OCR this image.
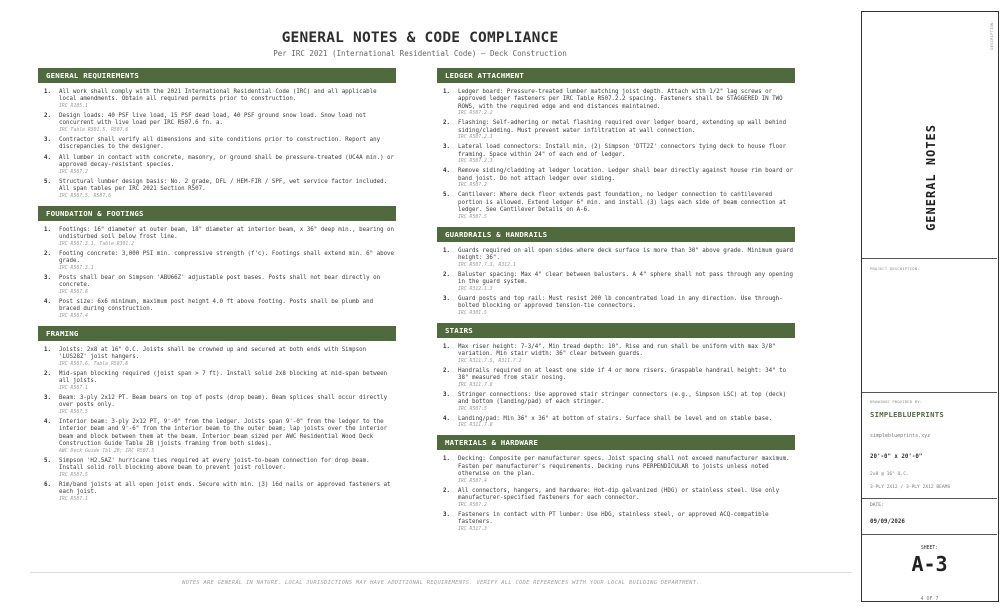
GENERAL NOTES & CODE COMPLIANCE
Per IRC 2021 (International Residential Code) — Deck Construction
GENERAL REQUIREMENTS
1. All work shall comply with the 2021 International Residential Code (IRC) and all applicable local amendments. Obtain all required permits prior to construction.
IRC R105.1
2. Design loads: 40 PSF live load, 15 PSF dead load, 40 PSF ground snow load. Snow load not concurrent with live load per IRC R507.6 fn. a.
IRC Table R301.5, R507.6
3. Contractor shall verify all dimensions and site conditions prior to construction. Report any discrepancies to the designer.
4. All lumber in contact with concrete, masonry, or ground shall be pressure-treated (UC4A min.) or approved decay-resistant species.
IRC R507.2
5. Structural lumber design basis: No. 2 grade, DFL / HEM-FIR / SPF, wet service factor included. All span tables per IRC 2021 Section R507.
IRC R507.5, R507.6
FOUNDATION & FOOTINGS
1. Footings: 16" diameter at outer beam, 18" diameter at interior beam, x 36" deep min., bearing on undisturbed soil below frost line.
IRC R507.3.1, Table R301.2
2. Footing concrete: 3,000 PSI min. compressive strength (f'c). Footings shall extend min. 6" above grade.
IRC R507.3.1
3. Posts shall bear on Simpson 'ABU66Z' adjustable post bases. Posts shall not bear directly on concrete.
IRC R507.8
4. Post size: 6x6 minimum, maximum post height 4.0 ft above footing. Posts shall be plumb and braced during construction.
IRC R507.4
FRAMING
1. Joists: 2x8 at 16" O.C. Joists shall be crowned up and secured at both ends with Simpson 'LUS28Z' joist hangers.
IRC R507.6, Table R507.6
2. Mid-span blocking required (joist span > 7 ft). Install solid 2x8 blocking at mid-span between all joists.
IRC R507.1
3. Beam: 3-ply 2x12 PT. Beam bears on top of posts (drop beam). Beam splices shall occur directly over posts only.
IRC R507.5
4. Interior beam: 3-ply 2x12 PT, 9'-0" from the ledger. Joists span 9'-0" from the ledger to the interior beam and 9'-6" from the interior beam to the outer beam; lap joists over the interior beam and block between them at the beam. Interior beam sized per AWC Residential Wood Deck Construction Guide Table 2B (joists framing from both sides).
AWC Deck Guide Tbl 2B; IRC R507.5
5. Simpson 'H2.5AZ' hurricane ties required at every joist-to-beam connection for drop beam. Install solid roll blocking above beam to prevent joist rollover.
IRC R507.5
6. Rim/band joists at all open joist ends. Secure with min. (3) 16d nails or approved fasteners at each joist.
IRC R507.1
LEDGER ATTACHMENT
1. Ledger board: Pressure-treated lumber matching joist depth. Attach with 1/2" lag screws or approved ledger fasteners per IRC Table R507.2.2 spacing. Fasteners shall be STAGGERED IN TWO ROWS, with the required edge and end distances maintained.
IRC R507.2.2
2. Flashing: Self-adhering or metal flashing required over ledger board, extending up wall behind siding/cladding. Must prevent water infiltration at wall connection.
IRC R507.2.1
3. Lateral load connectors: Install min. (2) Simpson 'DTT2Z' connectors tying deck to house floor framing. Space within 24" of each end of ledger.
IRC R507.2.3
4. Remove siding/cladding at ledger location. Ledger shall bear directly against house rim board or band joist. Do not attach ledger over siding.
IRC R507.2
5. Cantilever: Where deck floor extends past foundation, no ledger connection to cantilevered portion is allowed. Extend ledger 6" min. and install (3) lags each side of beam connection at ledger. See Cantilever Details on A-6.
IRC R507.5
GUARDRAILS & HANDRAILS
1. Guards required on all open sides where deck surface is more than 30" above grade. Minimum guard height: 36".
IRC R507.7.3, R312.1
2. Baluster spacing: Max 4" clear between balusters. A 4" sphere shall not pass through any opening in the guard system.
IRC R312.1.3
3. Guard posts and top rail: Must resist 200 lb concentrated load in any direction. Use through-bolted blocking or approved tension-tie connectors.
IRC R301.5
STAIRS
1. Max riser height: 7-3/4". Min tread depth: 10". Rise and run shall be uniform with max 3/8" variation. Min stair width: 36" clear between guards.
IRC R311.7.5, R311.7.2
2. Handrails required on at least one side if 4 or more risers. Graspable handrail height: 34" to 38" measured from stair nosing.
IRC R311.7.8
3. Stringer connections: Use approved stair stringer connectors (e.g., Simpson LSC) at top (deck) and bottom (landing/pad) of each stringer.
IRC R507.5
4. Landing/pad: Min 36" x 36" at bottom of stairs. Surface shall be level and on stable base.
IRC R311.7.6
MATERIALS & HARDWARE
1. Decking: Composite per manufacturer specs. Joist spacing shall not exceed manufacturer maximum. Fasten per manufacturer's requirements. Decking runs PERPENDICULAR to joists unless noted otherwise on the plan.
IRC R507.4
2. All connectors, hangers, and hardware: Hot-dip galvanized (HDG) or stainless steel. Use only manufacturer-specified fasteners for each connector.
IRC R507.2
3. Fasteners in contact with PT lumber: Use HDG, stainless steel, or approved ACQ-compatible fasteners.
IRC R317.3
NOTES ARE GENERAL IN NATURE. LOCAL JURISDICTIONS MAY HAVE ADDITIONAL REQUIREMENTS. VERIFY ALL CODE REFERENCES WITH YOUR LOCAL BUILDING DEPARTMENT.
DESCRIPTION:
GENERAL NOTES
PROJECT DESCRIPTION:
DRAWINGS PROVIDED BY:
SIMPLEBLUEPRINTS
simpleblueprints.xyz
20'-0" x 20'-0"
2x8 @ 16" O.C.
3-PLY 2X12 / 3-PLY 2X12 BEAMS
DATE:
09/09/2026
SHEET:
A-3
4 OF 7
